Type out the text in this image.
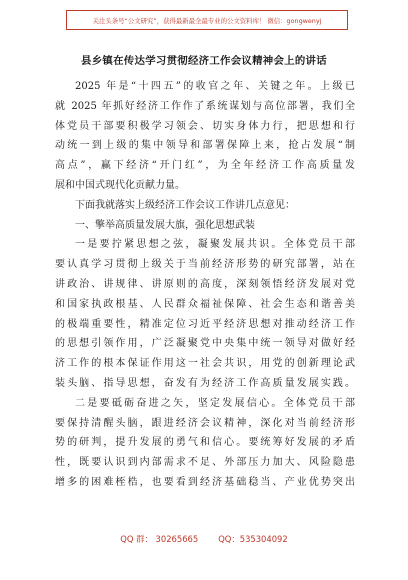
关注头条号“公文研究”，获得最新最全最专业的公文资料库！ 微信：gongwenyj
县乡镇在传达学习贯彻经济工作会议精神会上的讲话
2025 年是“十四五”的收官之年、关键之年。上级已
就 2025 年抓好经济工作作了系统谋划与高位部署，我们全
体党员干部要积极学习领会、切实身体力行，把思想和行
动统一到上级的集中领导和部署保障上来，抢占发展“制
高点”，赢下经济“开门红”，为全年经济工作高质量发
展和中国式现代化贡献力量。
下面我就落实上级经济工作会议工作讲几点意见：
一、擎举高质量发展大旗，强化思想武装
一是要拧紧思想之弦，凝聚发展共识。全体党员干部
要认真学习贯彻上级关于当前经济形势的研究部署，站在
讲政治、讲规律、讲原则的高度，深刻领悟经济发展对党
和国家执政根基、人民群众福祉保障、社会生态和谐善美
的极端重要性，精准定位习近平经济思想对推动经济工作
的思想引领作用，广泛凝聚党中央集中统一领导对做好经
济工作的根本保证作用这一社会共识，用党的创新理论武
装头脑、指导思想，奋发有为经济工作高质量发展实践。
二是要砥砺奋进之矢，坚定发展信心。全体党员干部
要保持清醒头脑，跟进经济会议精神，深化对当前经济形
势的研判，提升发展的勇气和信心。要统筹好发展的矛盾
性，既要认识到内部需求不足、外部压力加大、风险隐患
增多的困难桎梏，也要看到经济基础稳当、产业优势突出
QQ 群： 30265665 QQ：535304092
